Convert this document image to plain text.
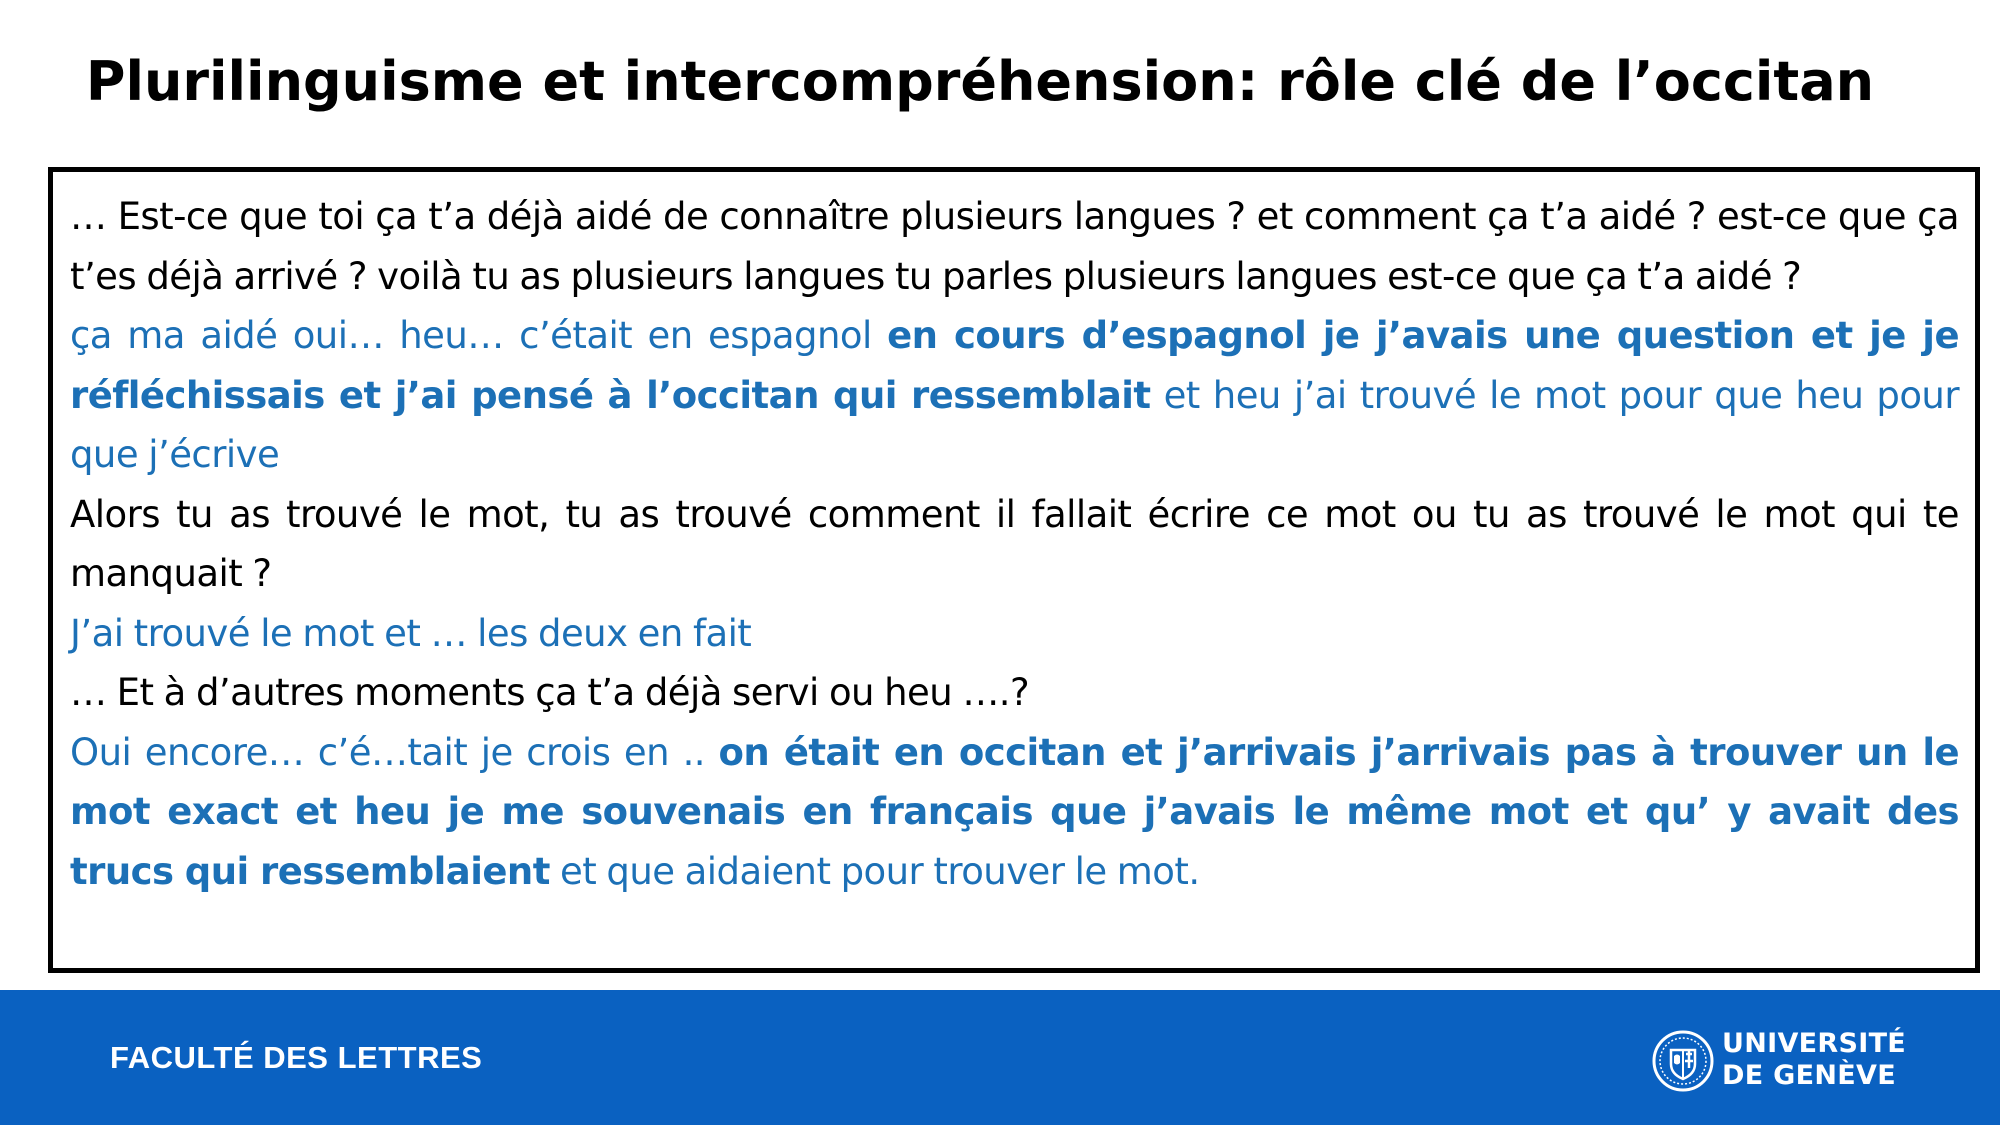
Plurilinguisme et intercompréhension: rôle clé de l’occitan

… Est-ce que toi ça t’a déjà aidé de connaître plusieurs langues ? et comment ça t’a aidé ? est-ce que ça t’es déjà arrivé ? voilà tu as plusieurs langues tu parles plusieurs langues est-ce que ça t’a aidé ?

ça ma aidé oui… heu… c’était en espagnol en cours d’espagnol je j’avais une question et je je réfléchissais et j’ai pensé à l’occitan qui ressemblait et heu j’ai trouvé le mot pour que heu pour que j’écrive

Alors tu as trouvé le mot, tu as trouvé comment il fallait écrire ce mot ou tu as trouvé le mot qui te manquait ?

J’ai trouvé le mot et … les deux en fait

… Et à d’autres moments ça t’a déjà servi ou heu ….?

Oui encore… c’é…tait je crois en .. on était en occitan et j’arrivais j’arrivais pas à trouver un le mot exact et heu je me souvenais en français que j’avais le même mot et qu’ y avait des trucs qui ressemblaient et que aidaient pour trouver le mot.

FACULTÉ DES LETTRES	UNIVERSITÉ
DE GENÈVE
